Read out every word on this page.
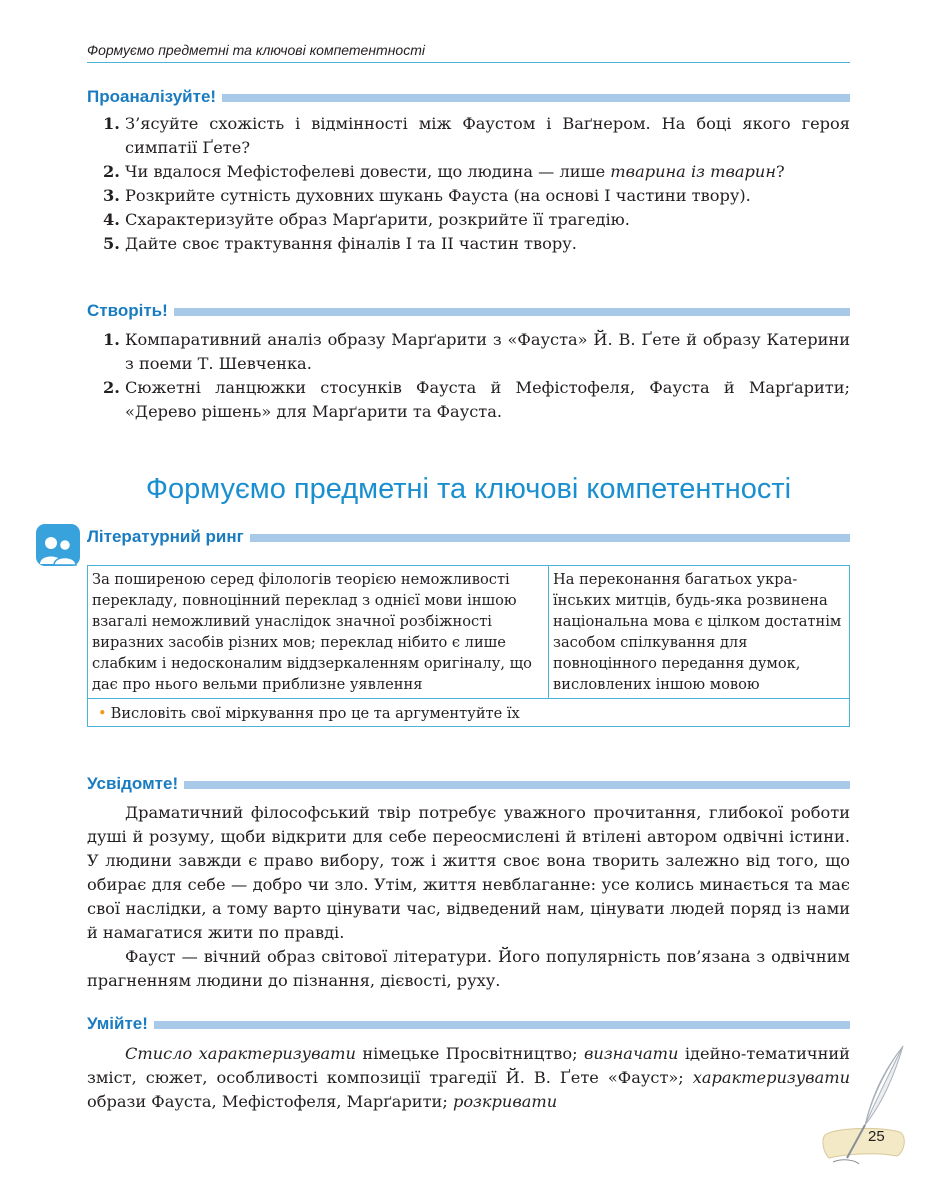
Формуємо предметні та ключові компетентності
Проаналізуйте!
1. З’ясуйте схожість і відмінності між Фаустом і Ваґнером. На боці якого героя симпатії Ґете?
2. Чи вдалося Мефістофелеві довести, що людина — лише тварина із тварин?
3. Розкрийте сутність духовних шукань Фауста (на основі І частини твору).
4. Схарактеризуйте образ Марґарити, розкрийте її трагедію.
5. Дайте своє трактування фіналів І та ІІ частин твору.
Створіть!
1. Компаративний аналіз образу Марґарити з «Фауста» Й. В. Ґете й образу Катерини з поеми Т. Шевченка.
2. Сюжетні ланцюжки стосунків Фауста й Мефістофеля, Фауста й Марґарити; «Дерево рішень» для Марґарити та Фауста.
Формуємо предметні та ключові компетентності
Літературний ринг
За поширеною серед філологів теорією неможливості перекладу, повноцінний переклад з однієї мови іншою взагалі неможливий унаслідок значної розбіжності виразних засобів різних мов; переклад нібито є лише слабким і недосконалим віддзеркаленням оригіналу, що дає про нього вельми приблизне уявлення	На переконання багатьох українських митців, будь-яка розвинена національна мова є цілком достатнім засобом спілкування для повноцінного передання думок, висловлених іншою мовою
• Висловіть свої міркування про це та аргументуйте їх
Усвідомте!

Драматичний філософський твір потребує уважного прочитання, глибокої роботи душі й розуму, щоби відкрити для себе переосмислені й втілені автором одвічні істини. У людини завжди є право вибору, тож і життя своє вона творить залежно від того, що обирає для себе — добро чи зло. Утім, життя невблаганне: усе колись минається та має свої наслідки, а тому варто цінувати час, відведений нам, цінувати людей поряд із нами й намагатися жити по правді.

Фауст — вічний образ світової літератури. Його популярність пов’язана з одвічним прагненням людини до пізнання, дієвості, руху.

Умійте!

Стисло характеризувати німецьке Просвітництво; визначати ідейно-тематичний зміст, сюжет, особливості композиції трагедії Й. В. Ґете «Фауст»; характеризувати образи Фауста, Мефістофеля, Марґарити; розкривати

25
